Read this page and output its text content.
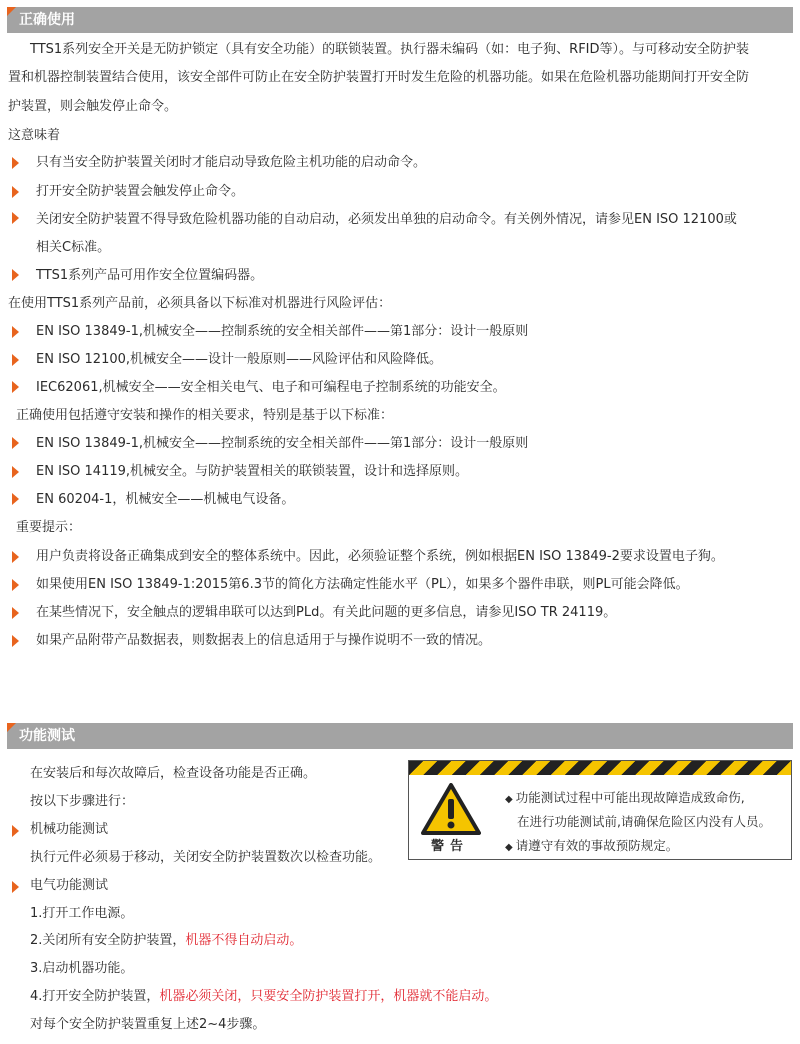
正确使用
TTS1系列安全开关是无防护锁定（具有安全功能）的联锁装置。执行器未编码（如：电子狗、RFID等）。与可移动安全防护装
置和机器控制装置结合使用，该安全部件可防止在安全防护装置打开时发生危险的机器功能。如果在危险机器功能期间打开安全防
护装置，则会触发停止命令。
这意味着
只有当安全防护装置关闭时才能启动导致危险主机功能的启动命令。
打开安全防护装置会触发停止命令。
关闭安全防护装置不得导致危险机器功能的自动启动，必须发出单独的启动命令。有关例外情况，请参见EN ISO 12100或
相关C标准。
TTS1系列产品可用作安全位置编码器。
在使用TTS1系列产品前，必须具备以下标准对机器进行风险评估：
EN ISO 13849-1,机械安全——控制系统的安全相关部件——第1部分：设计一般原则
EN ISO 12100,机械安全——设计一般原则——风险评估和风险降低。
IEC62061,机械安全——安全相关电气、电子和可编程电子控制系统的功能安全。
正确使用包括遵守安装和操作的相关要求，特别是基于以下标准：
EN ISO 13849-1,机械安全——控制系统的安全相关部件——第1部分：设计一般原则
EN ISO 14119,机械安全。与防护装置相关的联锁装置，设计和选择原则。
EN 60204-1，机械安全——机械电气设备。
重要提示：
用户负责将设备正确集成到安全的整体系统中。因此，必须验证整个系统，例如根据EN ISO 13849-2要求设置电子狗。
如果使用EN ISO 13849-1:2015第6.3节的简化方法确定性能水平（PL），如果多个器件串联，则PL可能会降低。
在某些情况下，安全触点的逻辑串联可以达到PLd。有关此问题的更多信息，请参见ISO TR 24119。
如果产品附带产品数据表，则数据表上的信息适用于与操作说明不一致的情况。
功能测试
在安装后和每次故障后，检查设备功能是否正确。
按以下步骤进行：
机械功能测试
执行元件必须易于移动，关闭安全防护装置数次以检查功能。
电气功能测试
1.打开工作电源。
2.关闭所有安全防护装置，机器不得自动启动。
3.启动机器功能。
4.打开安全防护装置，机器必须关闭，只要安全防护装置打开，机器就不能启动。
对每个安全防护装置重复上述2~4步骤。
警告
◆ 功能测试过程中可能出现故障造成致命伤,
在进行功能测试前,请确保危险区内没有人员。
◆ 请遵守有效的事故预防规定。
